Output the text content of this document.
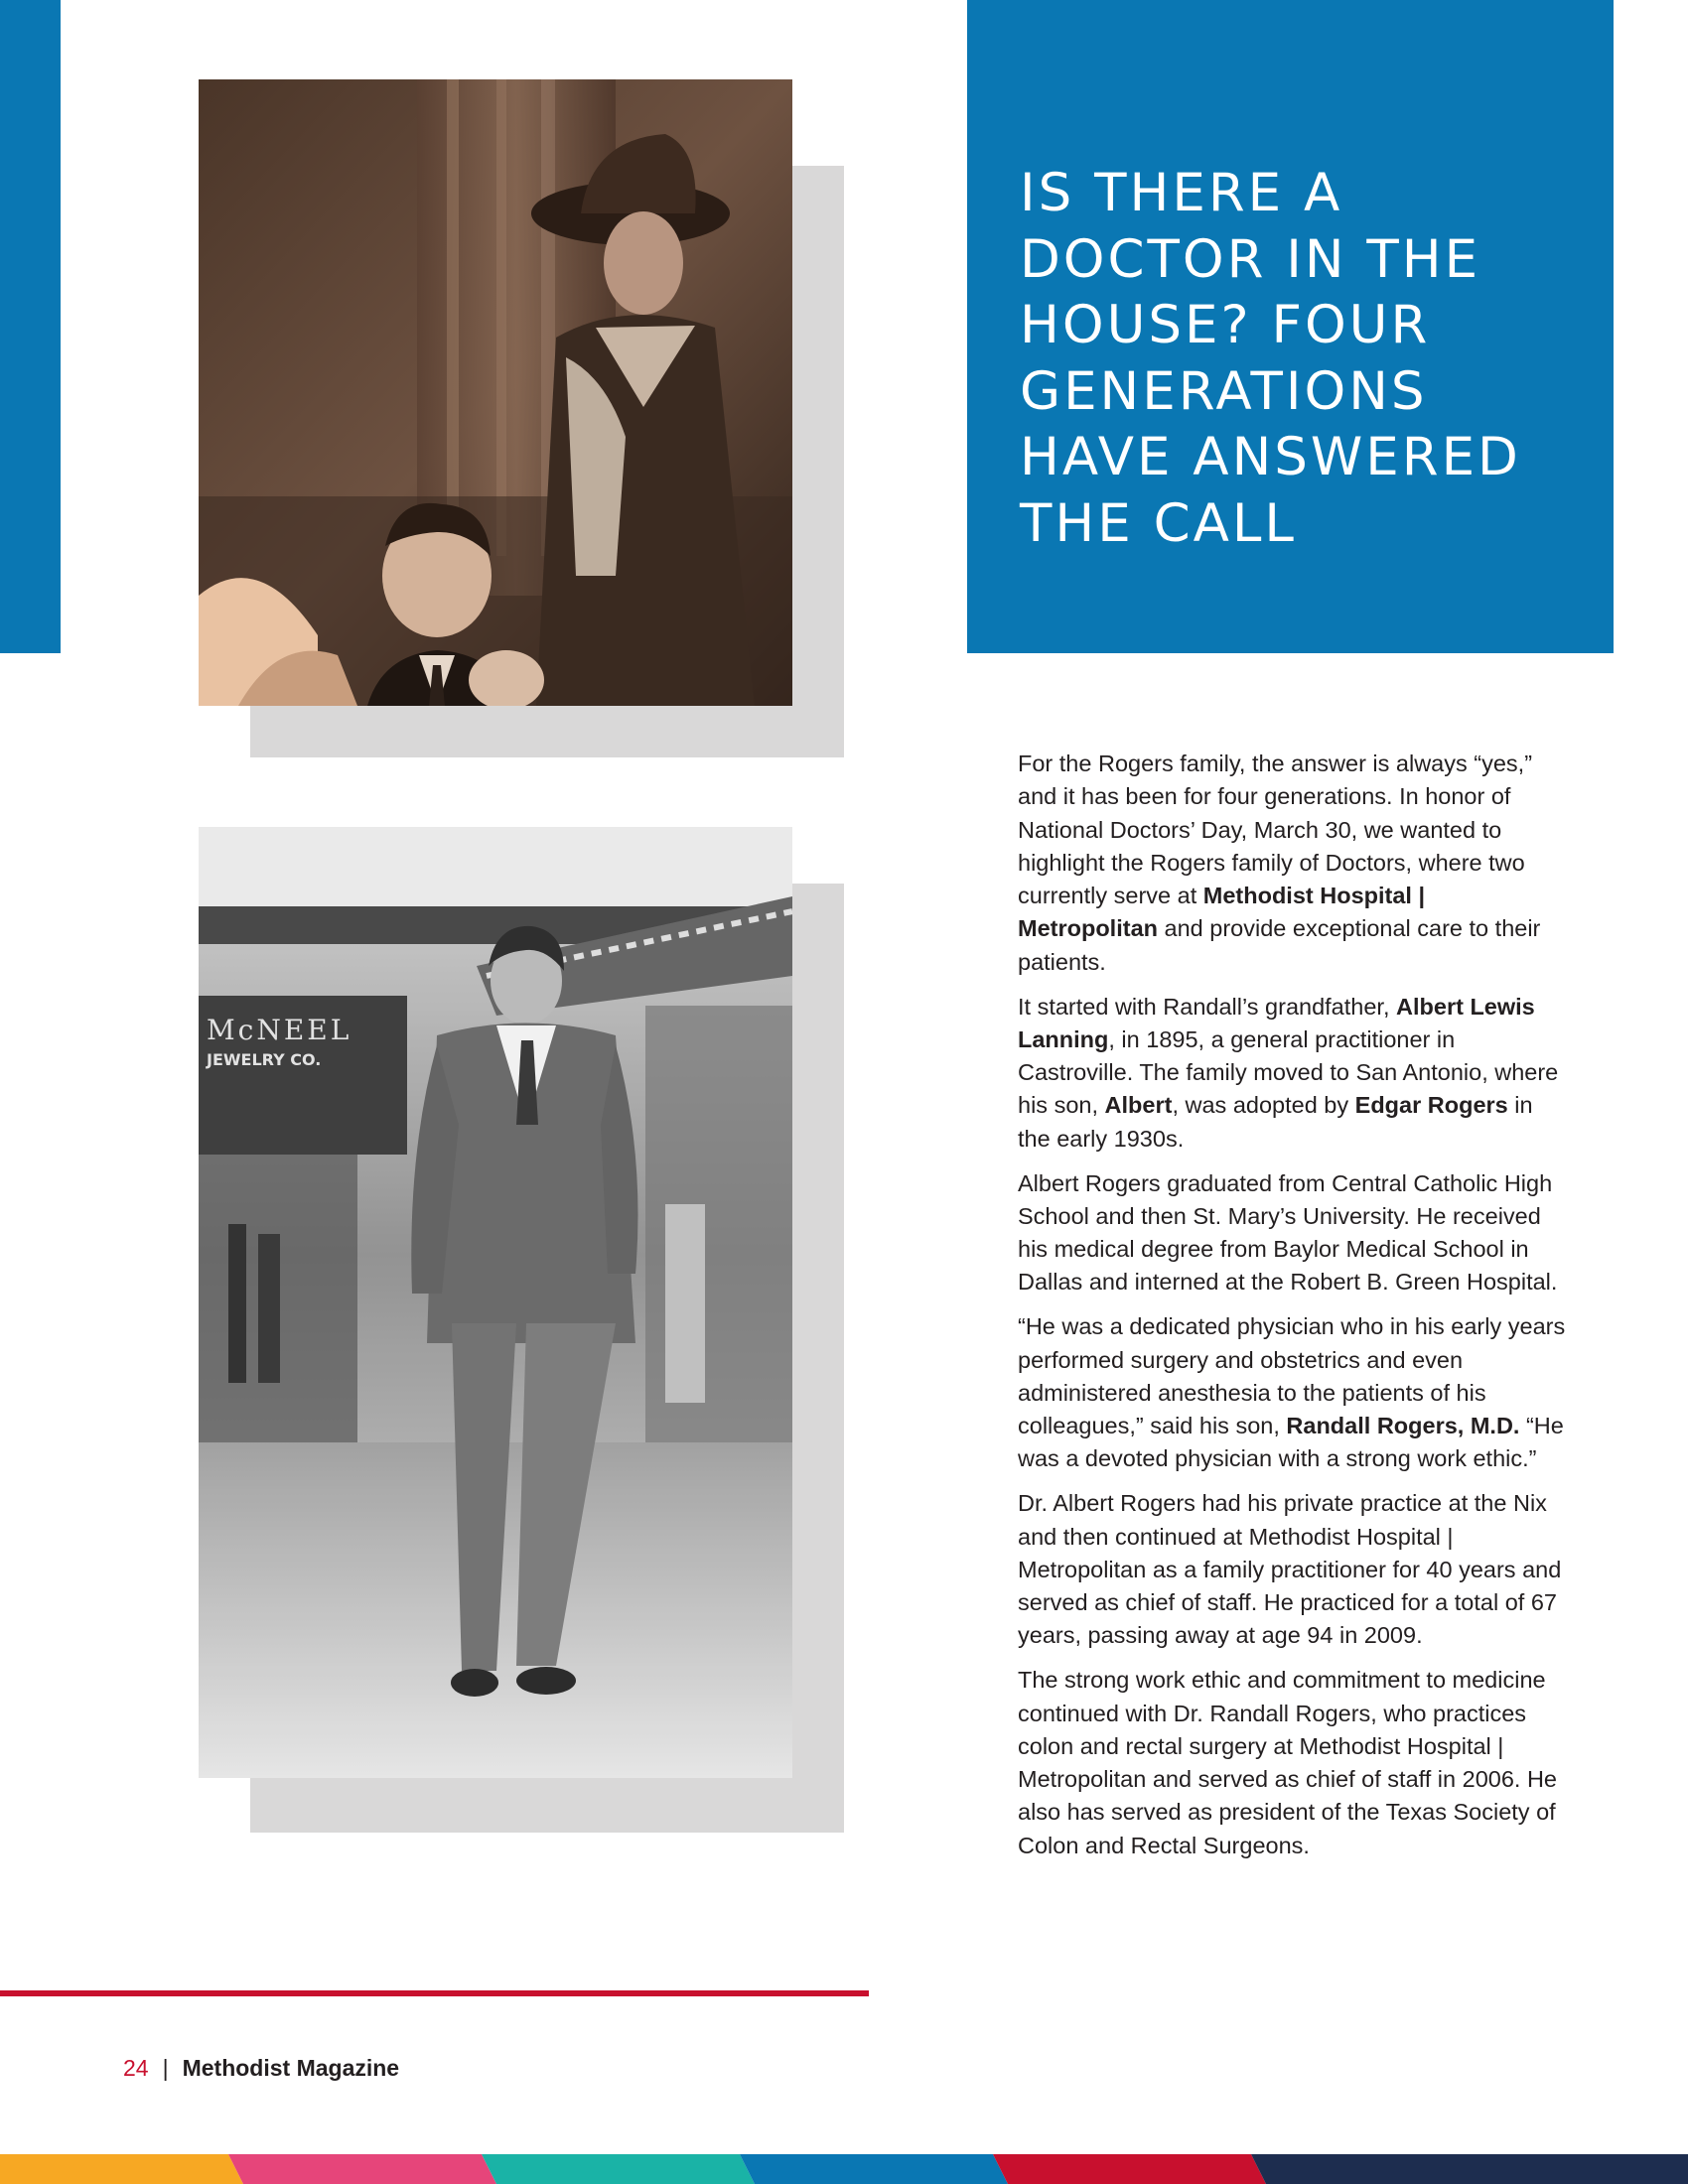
McNEEL
JEWELRY CO.
IS THERE A DOCTOR IN THE HOUSE? FOUR GENERATIONS HAVE ANSWERED THE CALL

For the Rogers family, the answer is always “yes,” and it has been for four generations. In honor of National Doctors’ Day, March 30, we wanted to highlight the Rogers family of Doctors, where two currently serve at Methodist Hospital | Metropolitan and provide exceptional care to their patients.

It started with Randall’s grandfather, Albert Lewis Lanning, in 1895, a general practitioner in Castroville. The family moved to San Antonio, where his son, Albert, was adopted by Edgar Rogers in the early 1930s.

Albert Rogers graduated from Central Catholic High School and then St. Mary’s University. He received his medical degree from Baylor Medical School in Dallas and interned at the Robert B. Green Hospital.

“He was a dedicated physician who in his early years performed surgery and obstetrics and even administered anesthesia to the patients of his colleagues,” said his son, Randall Rogers, M.D. “He was a devoted physician with a strong work ethic.”

Dr. Albert Rogers had his private practice at the Nix and then continued at Methodist Hospital | Metropolitan as a family practitioner for 40 years and served as chief of staff. He practiced for a total of 67 years, passing away at age 94 in 2009.

The strong work ethic and commitment to medicine continued with Dr. Randall Rogers, who practices colon and rectal surgery at Methodist Hospital | Metropolitan and served as chief of staff in 2006. He also has served as president of the Texas Society of Colon and Rectal Surgeons.

24 | Methodist Magazine
